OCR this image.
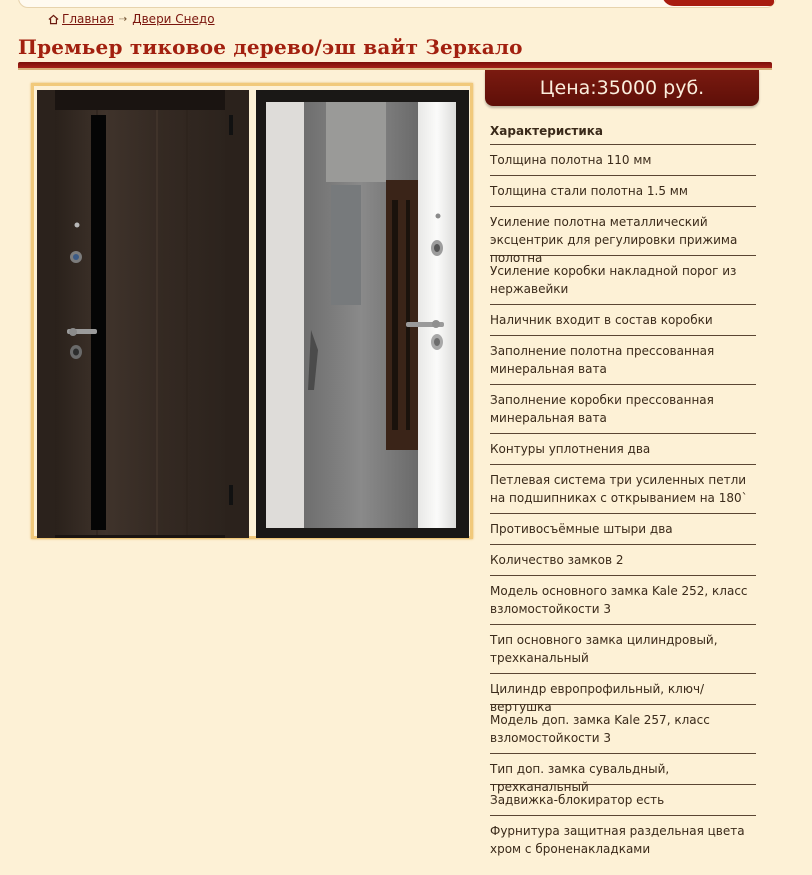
Главная ⇢ Двери Снедо
Премьер тиковое дерево/эш вайт Зеркало
Цена:35000 руб.
Характеристика
Толщина полотна 110 мм
Толщина стали полотна 1.5 мм
Усиление полотна металлический эксцентрик для регулировки прижима полотна
Усиление коробки накладной порог из нержавейки
Наличник входит в состав коробки
Заполнение полотна прессованная минеральная вата
Заполнение коробки прессованная минеральная вата
Контуры уплотнения два
Петлевая система три усиленных петли на подшипниках с открыванием на 180`
Противосъёмные штыри два
Количество замков 2
Модель основного замка Kale 252, класс взломостойкости 3
Тип основного замка цилиндровый, трехканальный
Цилиндр европрофильный, ключ/вертушка
Модель доп. замка Kale 257, класс взломостойкости 3
Тип доп. замка сувальдный, трехканальный
Задвижка-блокиратор есть
Фурнитура защитная раздельная цвета хром с броненакладками
